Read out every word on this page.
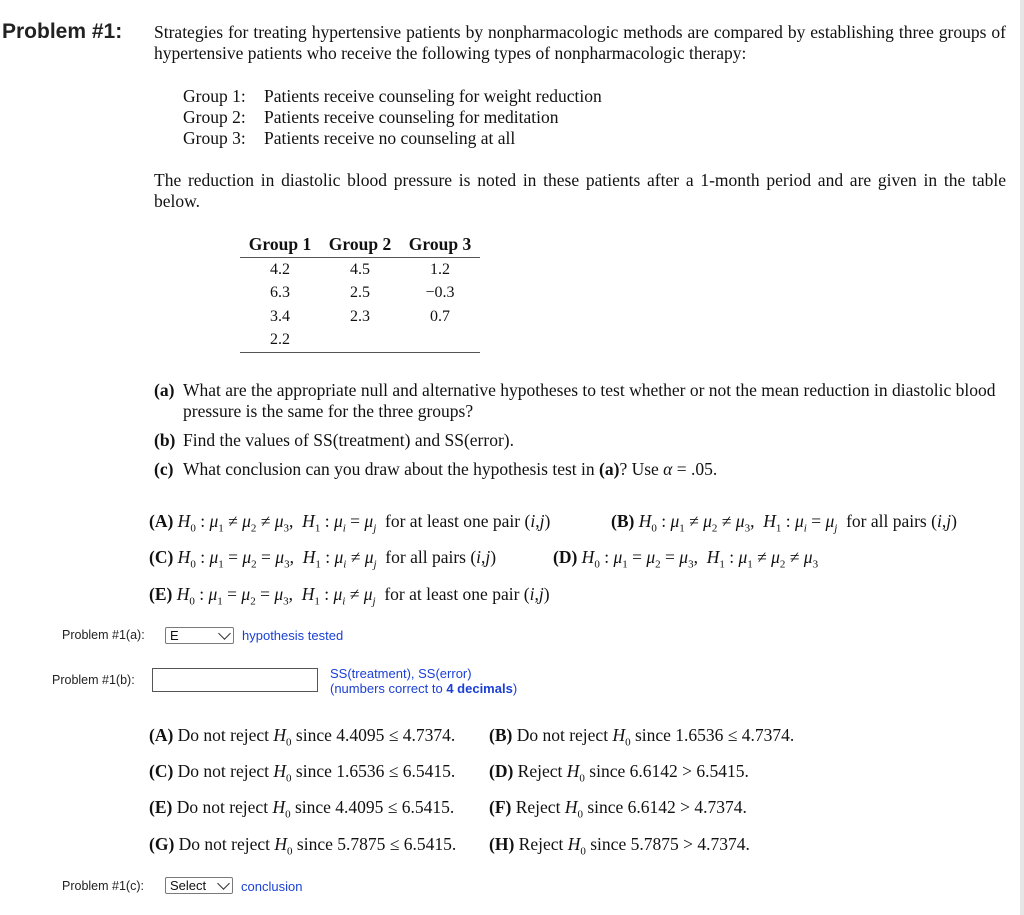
Problem #1: Strategies for treating hypertensive patients by nonpharmacologic methods are compared by establishing three groups of hypertensive patients who receive the following types of nonpharmacologic therapy:
Group 1: Patients receive counseling for weight reduction
Group 2: Patients receive counseling for meditation
Group 3: Patients receive no counseling at all
The reduction in diastolic blood pressure is noted in these patients after a 1-month period and are given in the table below.
Group 1	Group 2	Group 3
4.2	4.5	1.2
6.3	2.5	−0.3
3.4	2.3	0.7
2.2		
(a) What are the appropriate null and alternative hypotheses to test whether or not the mean reduction in diastolic blood pressure is the same for the three groups?
(b) Find the values of SS(treatment) and SS(error).
(c) What conclusion can you draw about the hypothesis test in (a)? Use α = .05.
(A) $H_0$ : $\mu_1 \ne \mu_2 \ne \mu_3$,  $H_1$ : $\mu_i = \mu_j$ for at least one pair (i,j)	(B) $H_0$ : $\mu_1 \ne \mu_2 \ne \mu_3$,  $H_1$ : $\mu_i = \mu_j$ for all pairs (i,j)
(C) $H_0$ : $\mu_1 = \mu_2 = \mu_3$,  $H_1$ : $\mu_i \ne \mu_j$ for all pairs (i,j)	(D) $H_0$ : $\mu_1 = \mu_2 = \mu_3$,  $H_1$ : $\mu_1 \ne \mu_2 \ne \mu_3$
(E) $H_0$ : $\mu_1 = \mu_2 = \mu_3$,  $H_1$ : $\mu_i \ne \mu_j$ for at least one pair (i,j)
Problem #1(a): E	hypothesis tested
Problem #1(b):	SS(treatment), SS(error)
(numbers correct to 4 decimals)
(A) Do not reject $H_0$ since 4.4095 ≤ 4.7374. (B) Do not reject $H_0$ since 1.6536 ≤ 4.7374.
(C) Do not reject $H_0$ since 1.6536 ≤ 6.5415. (D) Reject $H_0$ since 6.6142 > 6.5415.
(E) Do not reject $H_0$ since 4.4095 ≤ 6.5415. (F) Reject $H_0$ since 6.6142 > 4.7374.
(G) Do not reject $H_0$ since 5.7875 ≤ 6.5415. (H) Reject $H_0$ since 5.7875 > 4.7374.
Problem #1(c): Select	conclusion
